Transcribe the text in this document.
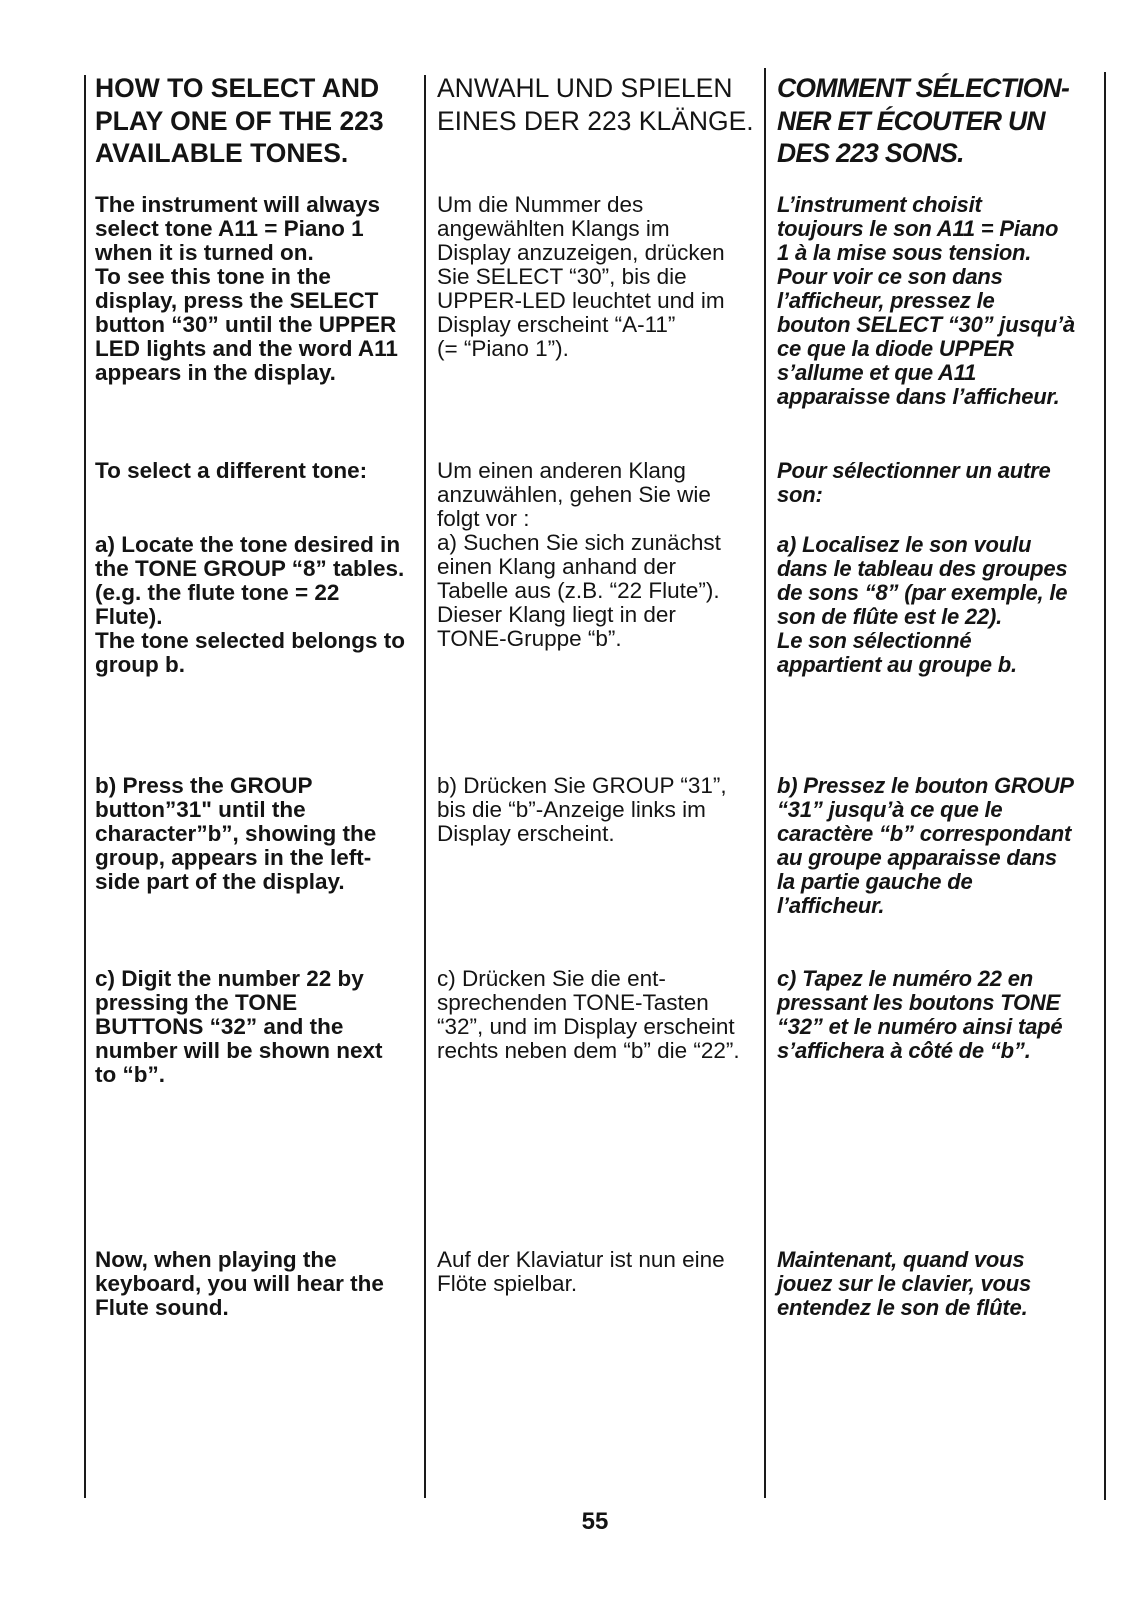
HOW TO SELECT AND
PLAY ONE OF THE 223
AVAILABLE TONES.
ANWAHL UND SPIELEN
EINES DER 223 KLÄNGE.
COMMENT SÉLECTION-
NER ET ÉCOUTER UN
DES 223 SONS.
The instrument will always
select tone A11 = Piano 1
when it is turned on.
To see this tone in the
display, press the SELECT
button “30” until the UPPER
LED lights and the word A11
appears in the display.
Um die Nummer des
angewählten Klangs im
Display anzuzeigen, drücken
Sie SELECT “30”, bis die
UPPER-LED leuchtet und im
Display erscheint “A-11”
(= “Piano 1”).
L’instrument choisit
toujours le son A11 = Piano
1 à la mise sous tension.
Pour voir ce son dans
l’afficheur, pressez le
bouton SELECT “30” jusqu’à
ce que la diode UPPER
s’allume et que A11
apparaisse dans l’afficheur.
To select a different tone:	Um einen anderen Klang
anzuwählen, gehen Sie wie
folgt vor :
a) Suchen Sie sich zunächst
einen Klang anhand der
Tabelle aus (z.B. “22 Flute”).
Dieser Klang liegt in der
TONE-Gruppe “b”.
Pour sélectionner un autre
son:
a) Locate the tone desired in
the TONE GROUP “8” tables.
(e.g. the flute tone = 22
Flute).
The tone selected belongs to
group b.
a) Localisez le son voulu
dans le tableau des groupes
de sons “8” (par exemple, le
son de flûte est le 22).
Le son sélectionné
appartient au groupe b.
b) Press the GROUP
button”31" until the
character”b”, showing the
group, appears in the left-
side part of the display.
b) Drücken Sie GROUP “31”,
bis die “b”-Anzeige links im
Display erscheint.
b) Pressez le bouton GROUP
“31” jusqu’à ce que le
caractère “b” correspondant
au groupe apparaisse dans
la partie gauche de
l’afficheur.
c) Digit the number 22 by
pressing the TONE
BUTTONS “32” and the
number will be shown next
to “b”.
c) Drücken Sie die ent-
sprechenden TONE-Tasten
“32”, und im Display erscheint
rechts neben dem “b” die “22”.
c) Tapez le numéro 22 en
pressant les boutons TONE
“32” et le numéro ainsi tapé
s’affichera à côté de “b”.
Now, when playing the
keyboard, you will hear the
Flute sound.
Auf der Klaviatur ist nun eine
Flöte spielbar.
Maintenant, quand vous
jouez sur le clavier, vous
entendez le son de flûte.
55
